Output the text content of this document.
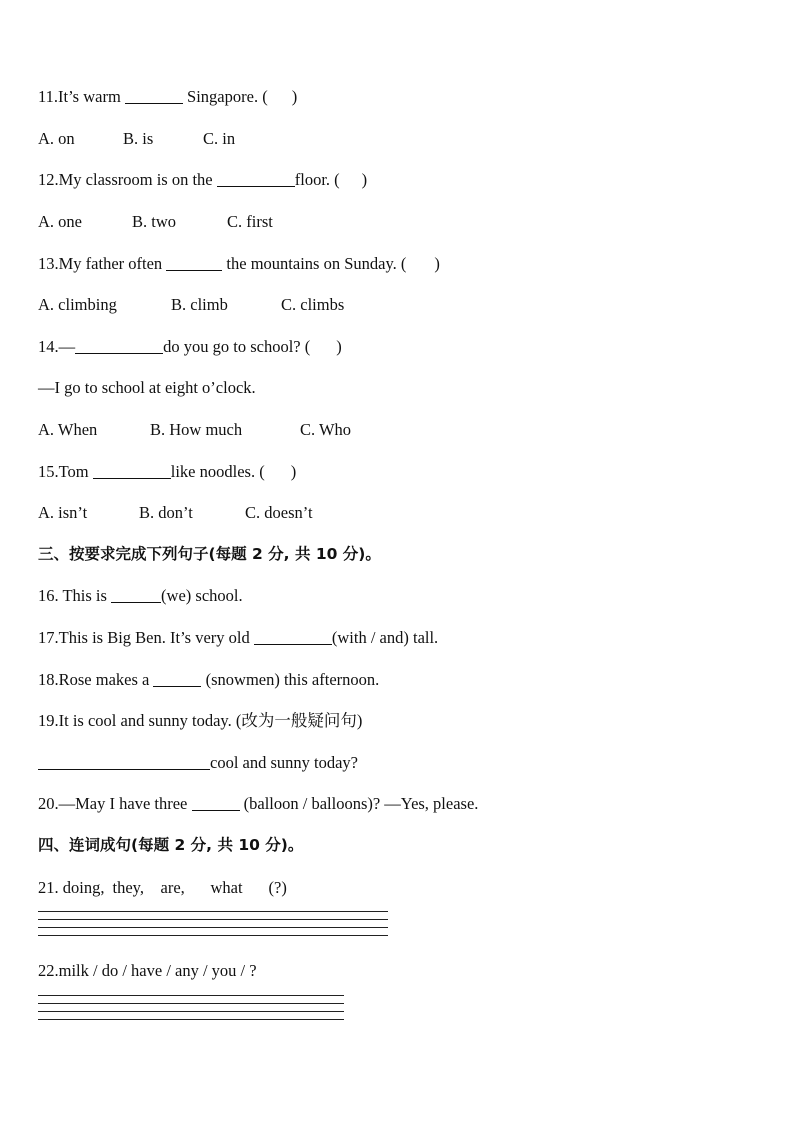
11.It’s warm	Singapore. ( )
A. on	B. is	C. in
12.My classroom is on the	floor. ( )
A. one	B. two	C. first
13.My father often	the mountains on Sunday. ( )
A. climbing	B. climb	C. climbs
14.—	do you go to school? ( )
—I go to school at eight o’clock.
A. When	B. How much	C. Who
15.Tom	like noodles. ( )
A. isn’t	B. don’t	C. doesn’t
三、按要求完成下列句子(每题 2 分, 共 10 分)。
16. This is	(we) school.
17.This is Big Ben. It’s very old	(with / and) tall.
18.Rose makes a	(snowmen) this afternoon.
19.It is cool and sunny today. (改为一般疑问句)
cool and sunny today?
20.—May I have three	(balloon / balloons)? —Yes, please.
四、连词成句(每题 2 分, 共 10 分)。
21. doing, they, are, what (?)
22.milk / do / have / any / you / ?
